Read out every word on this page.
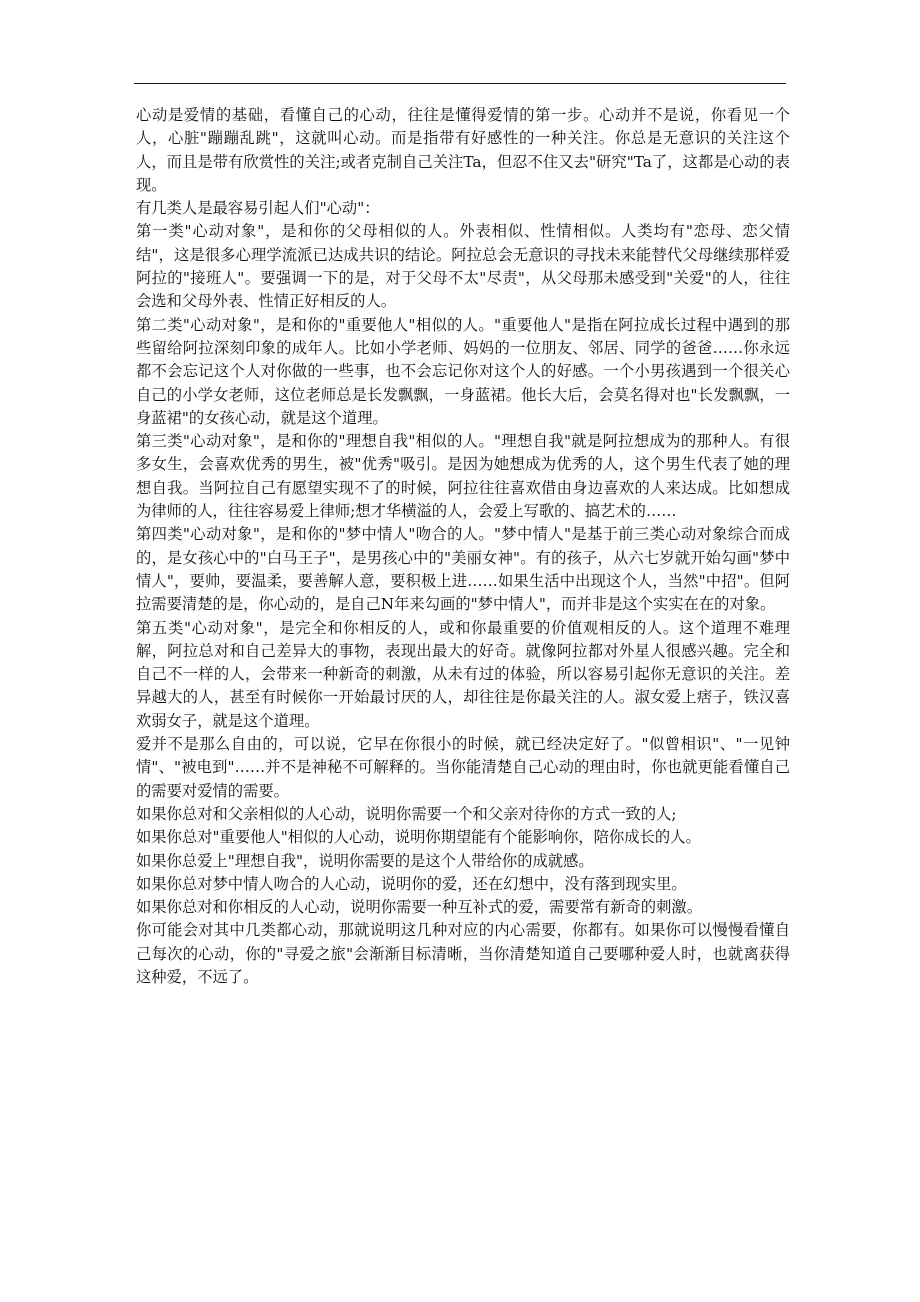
心动是爱情的基础，看懂自己的心动，往往是懂得爱情的第一步。心动并不是说，你看见一个人，心脏"蹦蹦乱跳"，这就叫心动。而是指带有好感性的一种关注。你总是无意识的关注这个人，而且是带有欣赏性的关注;或者克制自己关注Ta，但忍不住又去"研究"Ta了，这都是心动的表现。

有几类人是最容易引起人们"心动"：

第一类"心动对象"，是和你的父母相似的人。外表相似、性情相似。人类均有"恋母、恋父情结"，这是很多心理学流派已达成共识的结论。阿拉总会无意识的寻找未来能替代父母继续那样爱阿拉的"接班人"。要强调一下的是，对于父母不太"尽责"，从父母那未感受到"关爱"的人，往往会选和父母外表、性情正好相反的人。

第二类"心动对象"，是和你的"重要他人"相似的人。"重要他人"是指在阿拉成长过程中遇到的那些留给阿拉深刻印象的成年人。比如小学老师、妈妈的一位朋友、邻居、同学的爸爸……你永远都不会忘记这个人对你做的一些事，也不会忘记你对这个人的好感。一个小男孩遇到一个很关心自己的小学女老师，这位老师总是长发飘飘，一身蓝裙。他长大后，会莫名得对也"长发飘飘，一身蓝裙"的女孩心动，就是这个道理。

第三类"心动对象"，是和你的"理想自我"相似的人。"理想自我"就是阿拉想成为的那种人。有很多女生，会喜欢优秀的男生，被"优秀"吸引。是因为她想成为优秀的人，这个男生代表了她的理想自我。当阿拉自己有愿望实现不了的时候，阿拉往往喜欢借由身边喜欢的人来达成。比如想成为律师的人，往往容易爱上律师;想才华横溢的人，会爱上写歌的、搞艺术的……

第四类"心动对象"，是和你的"梦中情人"吻合的人。"梦中情人"是基于前三类心动对象综合而成的，是女孩心中的"白马王子"，是男孩心中的"美丽女神"。有的孩子，从六七岁就开始勾画"梦中情人"，要帅，要温柔，要善解人意，要积极上进……如果生活中出现这个人，当然"中招"。但阿拉需要清楚的是，你心动的，是自己N年来勾画的"梦中情人"，而并非是这个实实在在的对象。

第五类"心动对象"，是完全和你相反的人，或和你最重要的价值观相反的人。这个道理不难理解，阿拉总对和自己差异大的事物，表现出最大的好奇。就像阿拉都对外星人很感兴趣。完全和自己不一样的人，会带来一种新奇的刺激，从未有过的体验，所以容易引起你无意识的关注。差异越大的人，甚至有时候你一开始最讨厌的人，却往往是你最关注的人。淑女爱上痞子，铁汉喜欢弱女子，就是这个道理。

爱并不是那么自由的，可以说，它早在你很小的时候，就已经决定好了。"似曾相识"、"一见钟情"、"被电到"……并不是神秘不可解释的。当你能清楚自己心动的理由时，你也就更能看懂自己的需要对爱情的需要。

如果你总对和父亲相似的人心动，说明你需要一个和父亲对待你的方式一致的人;

如果你总对"重要他人"相似的人心动，说明你期望能有个能影响你，陪你成长的人。

如果你总爱上"理想自我"，说明你需要的是这个人带给你的成就感。

如果你总对梦中情人吻合的人心动，说明你的爱，还在幻想中，没有落到现实里。

如果你总对和你相反的人心动，说明你需要一种互补式的爱，需要常有新奇的刺激。

你可能会对其中几类都心动，那就说明这几种对应的内心需要，你都有。如果你可以慢慢看懂自己每次的心动，你的"寻爱之旅"会渐渐目标清晰，当你清楚知道自己要哪种爱人时，也就离获得这种爱，不远了。
